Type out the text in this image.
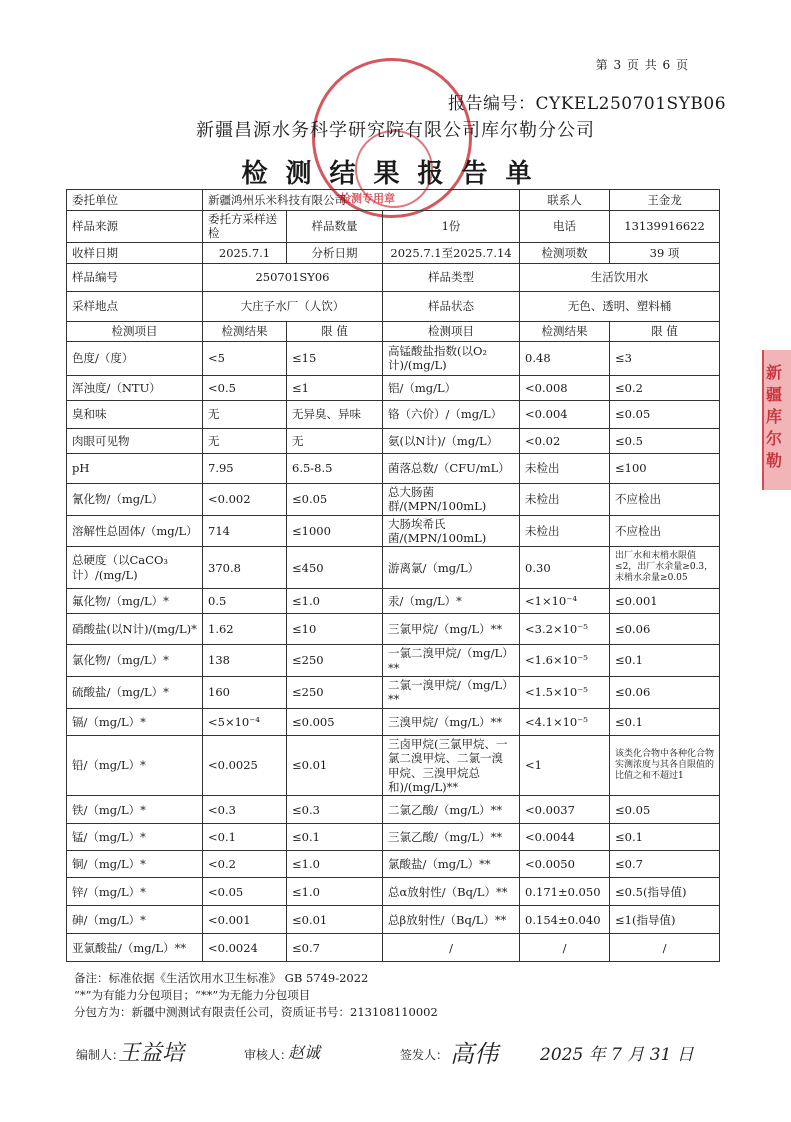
第 3 页 共 6 页
检测专用章
报告编号：CYKEL250701SYB06
新疆昌源水务科学研究院有限公司库尔勒分公司
检测结果报告单
委托单位	新疆鸿州乐米科技有限公司			联系人	王金龙
样品来源	委托方采样送检	样品数量	1份	电话	13139916622
收样日期	2025.7.1	分析日期	2025.7.1至2025.7.14	检测项数	39 项
样品编号	250701SY06		样品类型	生活饮用水	
采样地点	大庄子水厂（人饮）		样品状态	无色、透明、塑料桶	
检测项目	检测结果	限 值	检测项目	检测结果	限 值
色度/（度）	<5	≤15	高锰酸盐指数(以O₂计)/(mg/L)	0.48	≤3
浑浊度/（NTU）	<0.5	≤1	铝/（mg/L）	<0.008	≤0.2
臭和味	无	无异臭、异味	铬（六价）/（mg/L）	<0.004	≤0.05
肉眼可见物	无	无	氨(以N计)/（mg/L）	<0.02	≤0.5
pH	7.95	6.5-8.5	菌落总数/（CFU/mL）	未检出	≤100
氰化物/（mg/L）	<0.002	≤0.05	总大肠菌群/(MPN/100mL)	未检出	不应检出
溶解性总固体/（mg/L）	714	≤1000	大肠埃希氏菌/(MPN/100mL)	未检出	不应检出
总硬度（以CaCO₃计）/(mg/L)	370.8	≤450	游离氯/（mg/L）	0.30	出厂水和末梢水限值≤2，出厂水余量≥0.3，末梢水余量≥0.05
氟化物/（mg/L）*	0.5	≤1.0	汞/（mg/L）*	<1×10⁻⁴	≤0.001
硝酸盐(以N计)/(mg/L)*	1.62	≤10	三氯甲烷/（mg/L）**	<3.2×10⁻⁵	≤0.06
氯化物/（mg/L）*	138	≤250	一氯二溴甲烷/（mg/L）**	<1.6×10⁻⁵	≤0.1
硫酸盐/（mg/L）*	160	≤250	二氯一溴甲烷/（mg/L）**	<1.5×10⁻⁵	≤0.06
镉/（mg/L）*	<5×10⁻⁴	≤0.005	三溴甲烷/（mg/L）**	<4.1×10⁻⁵	≤0.1
铅/（mg/L）*	<0.0025	≤0.01	三卤甲烷(三氯甲烷、一氯二溴甲烷、二氯一溴甲烷、三溴甲烷总和)/(mg/L)**	<1	该类化合物中各种化合物实测浓度与其各自限值的比值之和不超过1
铁/（mg/L）*	<0.3	≤0.3	二氯乙酸/（mg/L）**	<0.0037	≤0.05
锰/（mg/L）*	<0.1	≤0.1	三氯乙酸/（mg/L）**	<0.0044	≤0.1
铜/（mg/L）*	<0.2	≤1.0	氯酸盐/（mg/L）**	<0.0050	≤0.7
锌/（mg/L）*	<0.05	≤1.0	总α放射性/（Bq/L）**	0.171±0.050	≤0.5(指导值)
砷/（mg/L）*	<0.001	≤0.01	总β放射性/（Bq/L）**	0.154±0.040	≤1(指导值)
亚氯酸盐/（mg/L）**	<0.0024	≤0.7	/	/	/
备注：标准依据《生活饮用水卫生标准》 GB 5749-2022
“*”为有能力分包项目；“**”为无能力分包项目
分包方为：新疆中测测试有限责任公司，资质证书号：213108110002
编制人：
王益培	审核人：
赵诚	签发人： 高伟 2025 年 7 月 31 日
新疆库尔勒
